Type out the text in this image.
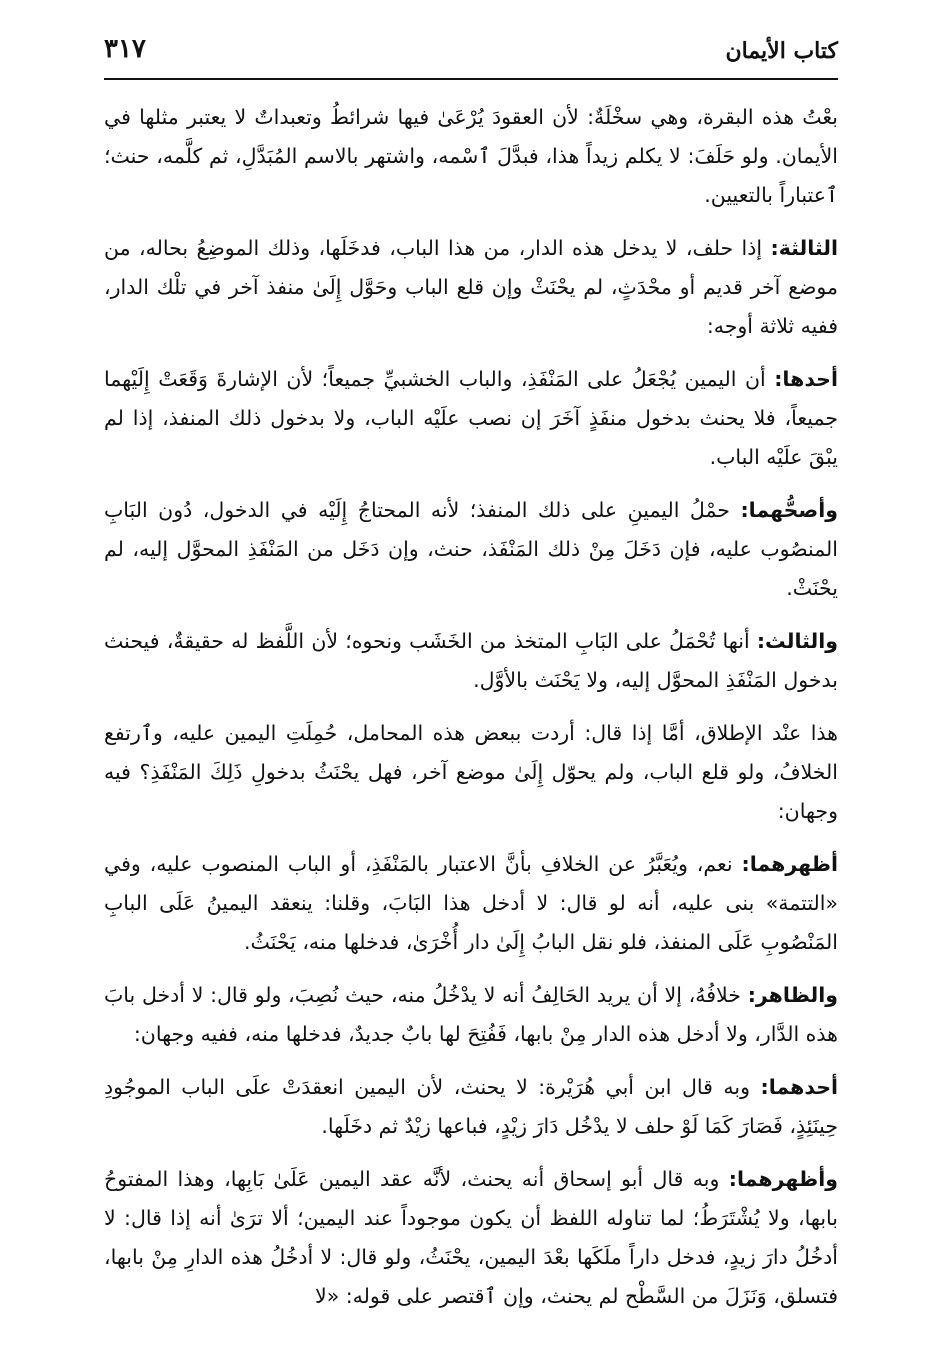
كتاب الأيمان
٣١٧

بعْتُ هذه البقرة، وهي سخْلَةٌ: لأن العقودَ يُرْعَىٰ فيها شرائطُ وتعبداتٌ لا يعتبر مثلها في الأيمان. ولو حَلَفَ: لا يكلم زيداً هذا، فبدَّلَ ٱسْمه، واشتهر بالاسم المُبَدَّلِ، ثم كلَّمه، حنث؛ ٱعتباراً بالتعيين.

الثالثة: إذا حلف، لا يدخل هذه الدار، من هذا الباب، فدخَلَها، وذلك الموضِعُ بحاله، من موضع آخر قديم أو محْدَثٍ، لم يحْنَثْ وإن قلع الباب وحَوَّل إِلَىٰ منفذ آخر في تلْك الدار، ففيه ثلاثة أوجه:

أحدها: أن اليمين يُجْعَلُ على المَنْفَذِ، والباب الخشبيِّ جميعاً؛ لأن الإشارةَ وَقَعَتْ إِلَيْهما جميعاً، فلا يحنث بدخول منفَذٍ آخَرَ إن نصب علَيْه الباب، ولا بدخول ذلك المنفذ، إذا لم يبْقَ علَيْه الباب.

وأصحُّهما: حمْلُ اليمينِ على ذلك المنفذ؛ لأنه المحتاجُ إِلَيْه في الدخول، دُون البَابِ المنصُوب عليه، فإن دَخَلَ مِنْ ذلك المَنْفَذ، حنث، وإن دَخَل من المَنْفَذِ المحوَّل إليه، لم يحْنَثْ.

والثالث: أنها تُحْمَلُ على البَابِ المتخذ من الخَشَب ونحوه؛ لأن اللَّفظ له حقيقةٌ، فيحنث بدخول المَنْفَذِ المحوَّل إليه، ولا يَحْنَث بالأوَّل.

هذا عنْد الإطلاق، أمَّا إذا قال: أردت ببعض هذه المحامل، حُمِلَتِ اليمين عليه، وٱرتفع الخلافُ، ولو قلع الباب، ولم يحوّل إِلَىٰ موضع آخر، فهل يحْنَثُ بدخولِ ذَلِكَ المَنْفَذِ؟ فيه وجهان:

أظهرهما: نعم، ويُعَبَّرُ عن الخلافِ بأنَّ الاعتبار بالمَنْفَذِ، أو الباب المنصوب عليه، وفي «التتمة» بنى عليه، أنه لو قال: لا أدخل هذا البَابَ، وقلنا: ينعقد اليمينُ عَلَى البابِ المَنْصُوبِ عَلَى المنفذ، فلو نقل البابُ إِلَىٰ دار أُخْرَىٰ، فدخلها منه، يَحْنَثُ.

والظاهر: خلافُهُ، إلا أن يريد الحَالِفُ أنه لا يدْخُلُ منه، حيث نُصِبَ، ولو قال: لا أدخل بابَ هذه الدَّار، ولا أدخل هذه الدار مِنْ بابها، فَفُتِحَ لها بابٌ جديدٌ، فدخلها منه، ففيه وجهان:

أحدهما: وبه قال ابن أبي هُرَيْرة: لا يحنث، لأن اليمين انعقدَتْ علَى الباب الموجُودِ حِينَئِذٍ، فَصَارَ كَمَا لَوْ حلف لا يدْخُل دَارَ زيْدٍ، فباعها زيْدٌ ثم دخَلَها.

وأظهرهما: وبه قال أبو إسحاق أنه يحنث، لأنَّه عقد اليمين عَلَىٰ بَابِها، وهذا المفتوحُ بابها، ولا يُشْتَرَطُ؛ لما تناوله اللفظ أن يكون موجوداً عند اليمين؛ ألا ترَىٰ أنه إذا قال: لا أدخُلُ دارَ زيدٍ، فدخل داراً ملَكَها بعْدَ اليمين، يحْنَثُ، ولو قال: لا أدخُلُ هذه الدارِ مِنْ بابها، فتسلق، وَنَزَلَ من السَّطْح لم يحنث، وإن ٱقتصر على قوله: «لا
